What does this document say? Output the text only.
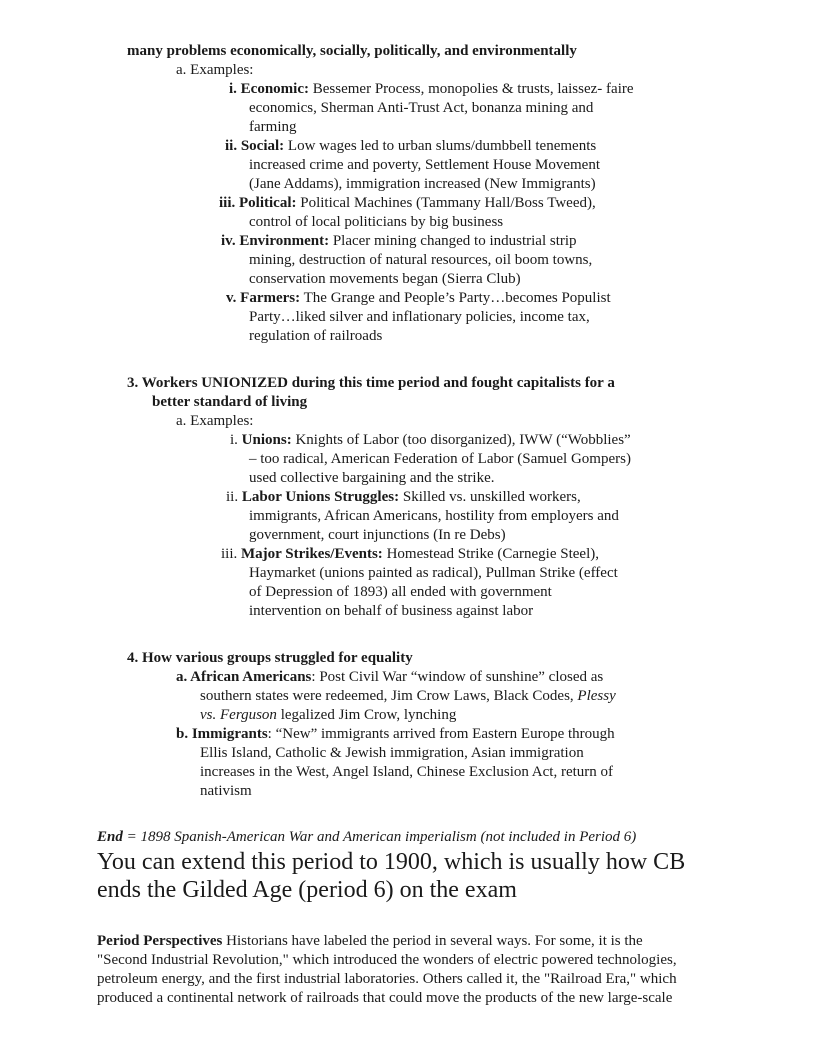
many problems economically, socially, politically, and environmentally
a. Examples:
i. Economic: Bessemer Process, monopolies & trusts, laissez- faire
economics, Sherman Anti-Trust Act, bonanza mining and
farming
ii. Social: Low wages led to urban slums/dumbbell tenements
increased crime and poverty, Settlement House Movement
(Jane Addams), immigration increased (New Immigrants)
iii. Political: Political Machines (Tammany Hall/Boss Tweed),
control of local politicians by big business
iv. Environment: Placer mining changed to industrial strip
mining, destruction of natural resources, oil boom towns,
conservation movements began (Sierra Club)
v. Farmers: The Grange and People’s Party…becomes Populist
Party…liked silver and inflationary policies, income tax,
regulation of railroads
3. Workers UNIONIZED during this time period and fought capitalists for a
better standard of living
a. Examples:
i. Unions: Knights of Labor (too disorganized), IWW (“Wobblies”
– too radical, American Federation of Labor (Samuel Gompers)
used collective bargaining and the strike.
ii. Labor Unions Struggles: Skilled vs. unskilled workers,
immigrants, African Americans, hostility from employers and
government, court injunctions (In re Debs)
iii. Major Strikes/Events: Homestead Strike (Carnegie Steel),
Haymarket (unions painted as radical), Pullman Strike (effect
of Depression of 1893) all ended with government
intervention on behalf of business against labor
4. How various groups struggled for equality
a. African Americans: Post Civil War “window of sunshine” closed as
southern states were redeemed, Jim Crow Laws, Black Codes, Plessy
vs. Ferguson legalized Jim Crow, lynching
b. Immigrants: “New” immigrants arrived from Eastern Europe through
Ellis Island, Catholic & Jewish immigration, Asian immigration
increases in the West, Angel Island, Chinese Exclusion Act, return of
nativism
End = 1898 Spanish-American War and American imperialism (not included in Period 6)
You can extend this period to 1900, which is usually how CB
ends the Gilded Age (period 6) on the exam
Period Perspectives Historians have labeled the period in several ways. For some, it is the
"Second Industrial Revolution," which introduced the wonders of electric powered technologies,
petroleum energy, and the first industrial laboratories. Others called it, the "Railroad Era," which
produced a continental network of railroads that could move the products of the new large-scale
